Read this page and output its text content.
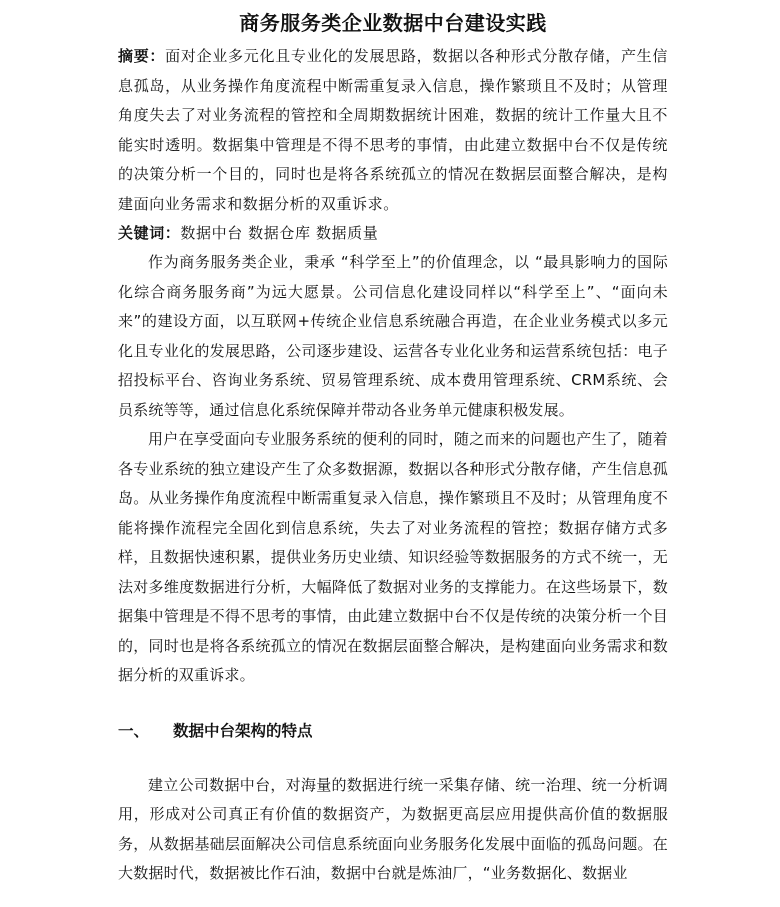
商务服务类企业数据中台建设实践

摘要：面对企业多元化且专业化的发展思路，数据以各种形式分散存储，产生信息孤岛，从业务操作角度流程中断需重复录入信息，操作繁琐且不及时；从管理角度失去了对业务流程的管控和全周期数据统计困难，数据的统计工作量大且不能实时透明。数据集中管理是不得不思考的事情，由此建立数据中台不仅是传统的决策分析一个目的，同时也是将各系统孤立的情况在数据层面整合解决，是构建面向业务需求和数据分析的双重诉求。

关键词：数据中台 数据仓库 数据质量

作为商务服务类企业，秉承 “科学至上”的价值理念，以 “最具影响力的国际化综合商务服务商”为远大愿景。公司信息化建设同样以“科学至上”、“面向未来”的建设方面，以互联网+传统企业信息系统融合再造，在企业业务模式以多元化且专业化的发展思路，公司逐步建设、运营各专业化业务和运营系统包括：电子招投标平台、咨询业务系统、贸易管理系统、成本费用管理系统、CRM系统、会员系统等等，通过信息化系统保障并带动各业务单元健康积极发展。

用户在享受面向专业服务系统的便利的同时，随之而来的问题也产生了，随着各专业系统的独立建设产生了众多数据源，数据以各种形式分散存储，产生信息孤岛。从业务操作角度流程中断需重复录入信息，操作繁琐且不及时；从管理角度不能将操作流程完全固化到信息系统，失去了对业务流程的管控；数据存储方式多样，且数据快速积累，提供业务历史业绩、知识经验等数据服务的方式不统一，无法对多维度数据进行分析，大幅降低了数据对业务的支撑能力。在这些场景下，数据集中管理是不得不思考的事情，由此建立数据中台不仅是传统的决策分析一个目的，同时也是将各系统孤立的情况在数据层面整合解决，是构建面向业务需求和数据分析的双重诉求。

一、	数据中台架构的特点

建立公司数据中台，对海量的数据进行统一采集存储、统一治理、统一分析调用，形成对公司真正有价值的数据资产，为数据更高层应用提供高价值的数据服务，从数据基础层面解决公司信息系统面向业务服务化发展中面临的孤岛问题。在大数据时代，数据被比作石油，数据中台就是炼油厂，“业务数据化、数据业
